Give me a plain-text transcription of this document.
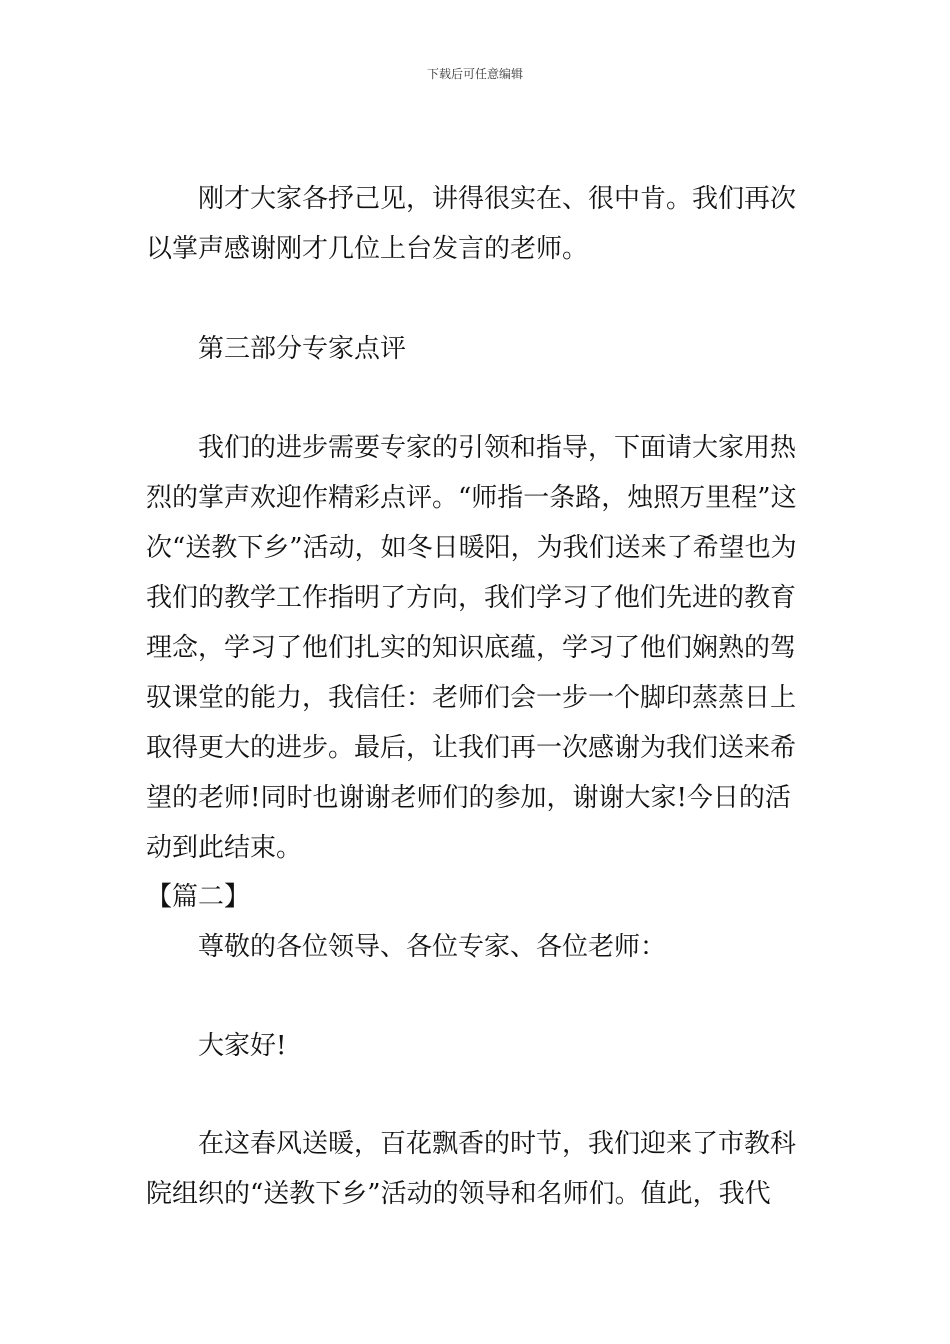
下载后可任意编辑

刚才大家各抒己见，讲得很实在、很中肯。我们再次以掌声感谢刚才几位上台发言的老师。

第三部分专家点评

我们的进步需要专家的引领和指导，下面请大家用热烈的掌声欢迎作精彩点评。“师指一条路，烛照万里程”这次“送教下乡”活动，如冬日暖阳，为我们送来了希望也为我们的教学工作指明了方向，我们学习了他们先进的教育理念，学习了他们扎实的知识底蕴，学习了他们娴熟的驾驭课堂的能力，我信任：老师们会一步一个脚印蒸蒸日上取得更大的进步。最后，让我们再一次感谢为我们送来希望的老师!同时也谢谢老师们的参加，谢谢大家!今日的活动到此结束。

【篇二】

尊敬的各位领导、各位专家、各位老师：

大家好!

在这春风送暖，百花飘香的时节，我们迎来了市教科院组织的“送教下乡”活动的领导和名师们。值此，我代
